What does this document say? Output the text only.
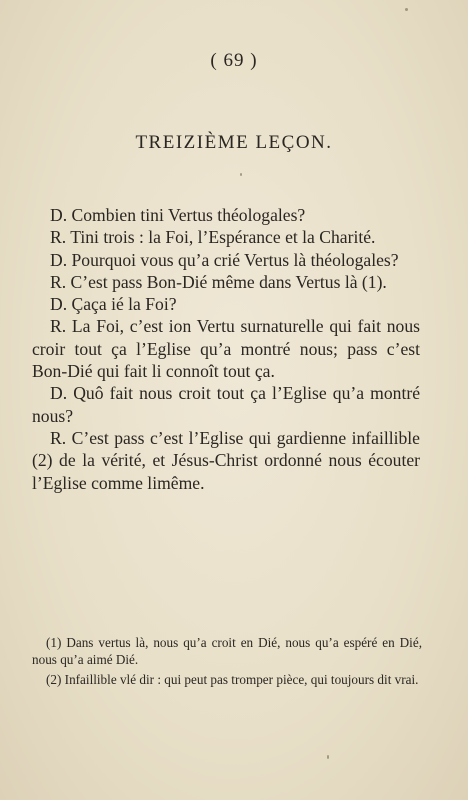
( 69 )
TREIZIÈME LEÇON.

D. Combien tini Vertus théologales?

R. Tini trois : la Foi, l’Espérance et la Charité.

D. Pourquoi vous qu’a crié Vertus là théologales?

R. C’est pass Bon-Dié même dans Vertus là (1).

D. Çaça ié la Foi?

R. La Foi, c’est ion Vertu surnaturelle qui fait nous croir tout ça l’Eglise qu’a montré nous; pass c’est Bon-Dié qui fait li connoît tout ça.

D. Quô fait nous croit tout ça l’Eglise qu’a montré nous?

R. C’est pass c’est l’Eglise qui gardienne infaillible (2) de la vérité, et Jésus-Christ ordonné nous écouter l’Eglise comme limême.

(1) Dans vertus là, nous qu’a croit en Dié, nous qu’a espéré en Dié, nous qu’a aimé Dié.

(2) Infaillible vlé dir : qui peut pas tromper pièce, qui toujours dit vrai.
